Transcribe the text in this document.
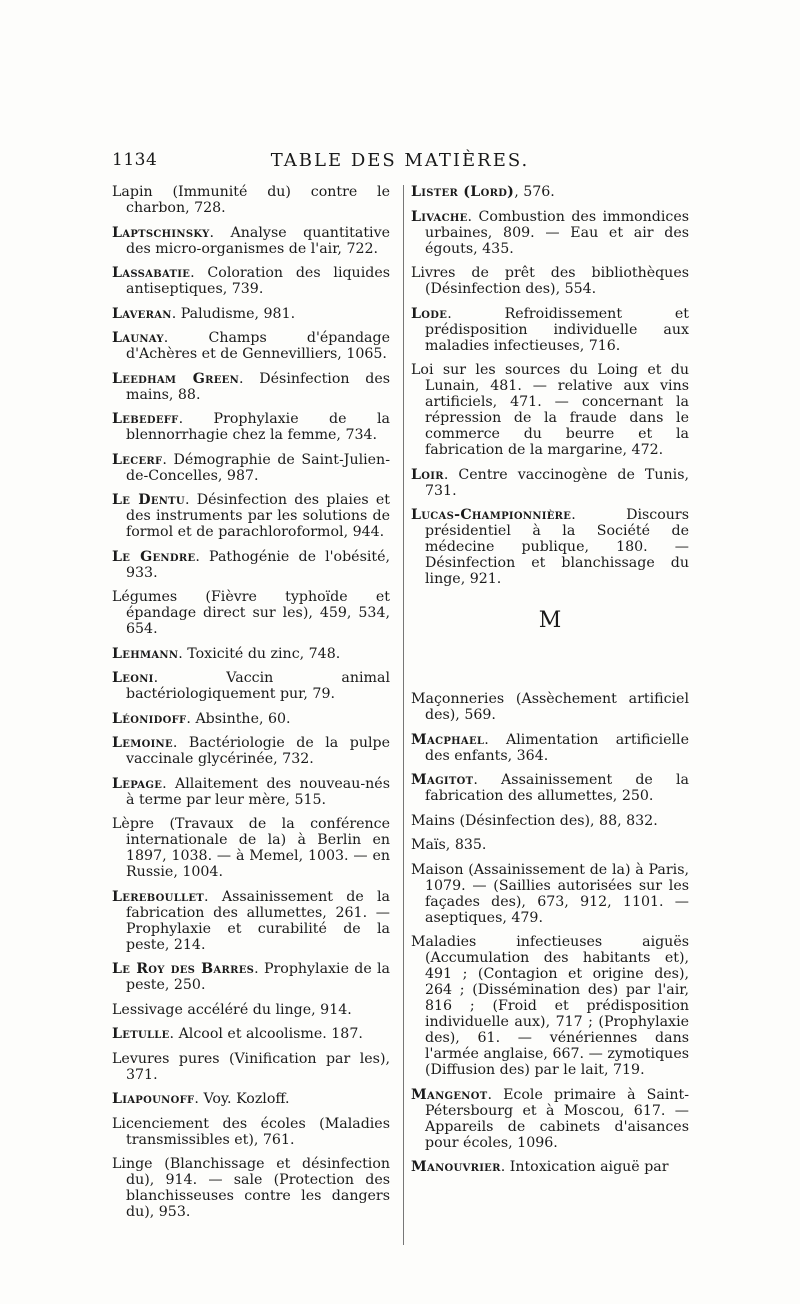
1134	TABLE DES MATIÈRES.

Lapin (Immunité du) contre le charbon, 728.

Laptschinsky. Analyse quantitative des micro-organismes de l'air, 722.

Lassabatie. Coloration des liquides antiseptiques, 739.

Laveran. Paludisme, 981.

Launay. Champs d'épandage d'Achères et de Gennevilliers, 1065.

Leedham Green. Désinfection des mains, 88.

Lebedeff. Prophylaxie de la blennorrhagie chez la femme, 734.

Lecerf. Démographie de Saint-Julien-de-Concelles, 987.

Le Dentu. Désinfection des plaies et des instruments par les solutions de formol et de parachloroformol, 944.

Le Gendre. Pathogénie de l'obésité, 933.

Légumes (Fièvre typhoïde et épandage direct sur les), 459, 534, 654.

Lehmann. Toxicité du zinc, 748.

Leoni. Vaccin animal bactériologiquement pur, 79.

Léonidoff. Absinthe, 60.

Lemoine. Bactériologie de la pulpe vaccinale glycérinée, 732.

Lepage. Allaitement des nouveau-nés à terme par leur mère, 515.

Lèpre (Travaux de la conférence internationale de la) à Berlin en 1897, 1038. — à Memel, 1003. — en Russie, 1004.

Lereboullet. Assainissement de la fabrication des allumettes, 261. — Prophylaxie et curabilité de la peste, 214.

Le Roy des Barres. Prophylaxie de la peste, 250.

Lessivage accéléré du linge, 914.

Letulle. Alcool et alcoolisme. 187.

Levures pures (Vinification par les), 371.

Liapounoff. Voy. Kozloff.

Licenciement des écoles (Maladies transmissibles et), 761.

Linge (Blanchissage et désinfection du), 914. — sale (Protection des blanchisseuses contre les dangers du), 953.

Lister (Lord), 576.

Livache. Combustion des immondices urbaines, 809. — Eau et air des égouts, 435.

Livres de prêt des bibliothèques (Désinfection des), 554.

Lode. Refroidissement et prédisposition individuelle aux maladies infectieuses, 716.

Loi sur les sources du Loing et du Lunain, 481. — relative aux vins artificiels, 471. — concernant la répression de la fraude dans le commerce du beurre et la fabrication de la margarine, 472.

Loir. Centre vaccinogène de Tunis, 731.

Lucas-Championnière. Discours présidentiel à la Société de médecine publique, 180. — Désinfection et blanchissage du linge, 921.

M

Maçonneries (Assèchement artificiel des), 569.

Macphael. Alimentation artificielle des enfants, 364.

Magitot. Assainissement de la fabrication des allumettes, 250.

Mains (Désinfection des), 88, 832.

Maïs, 835.

Maison (Assainissement de la) à Paris, 1079. — (Saillies autorisées sur les façades des), 673, 912, 1101. — aseptiques, 479.

Maladies infectieuses aiguës (Accumulation des habitants et), 491 ; (Contagion et origine des), 264 ; (Dissémination des) par l'air, 816 ; (Froid et prédisposition individuelle aux), 717 ; (Prophylaxie des), 61. — vénériennes dans l'armée anglaise, 667. — zymotiques (Diffusion des) par le lait, 719.

Mangenot. Ecole primaire à Saint-Pétersbourg et à Moscou, 617. — Appareils de cabinets d'aisances pour écoles, 1096.

Manouvrier. Intoxication aiguë par
